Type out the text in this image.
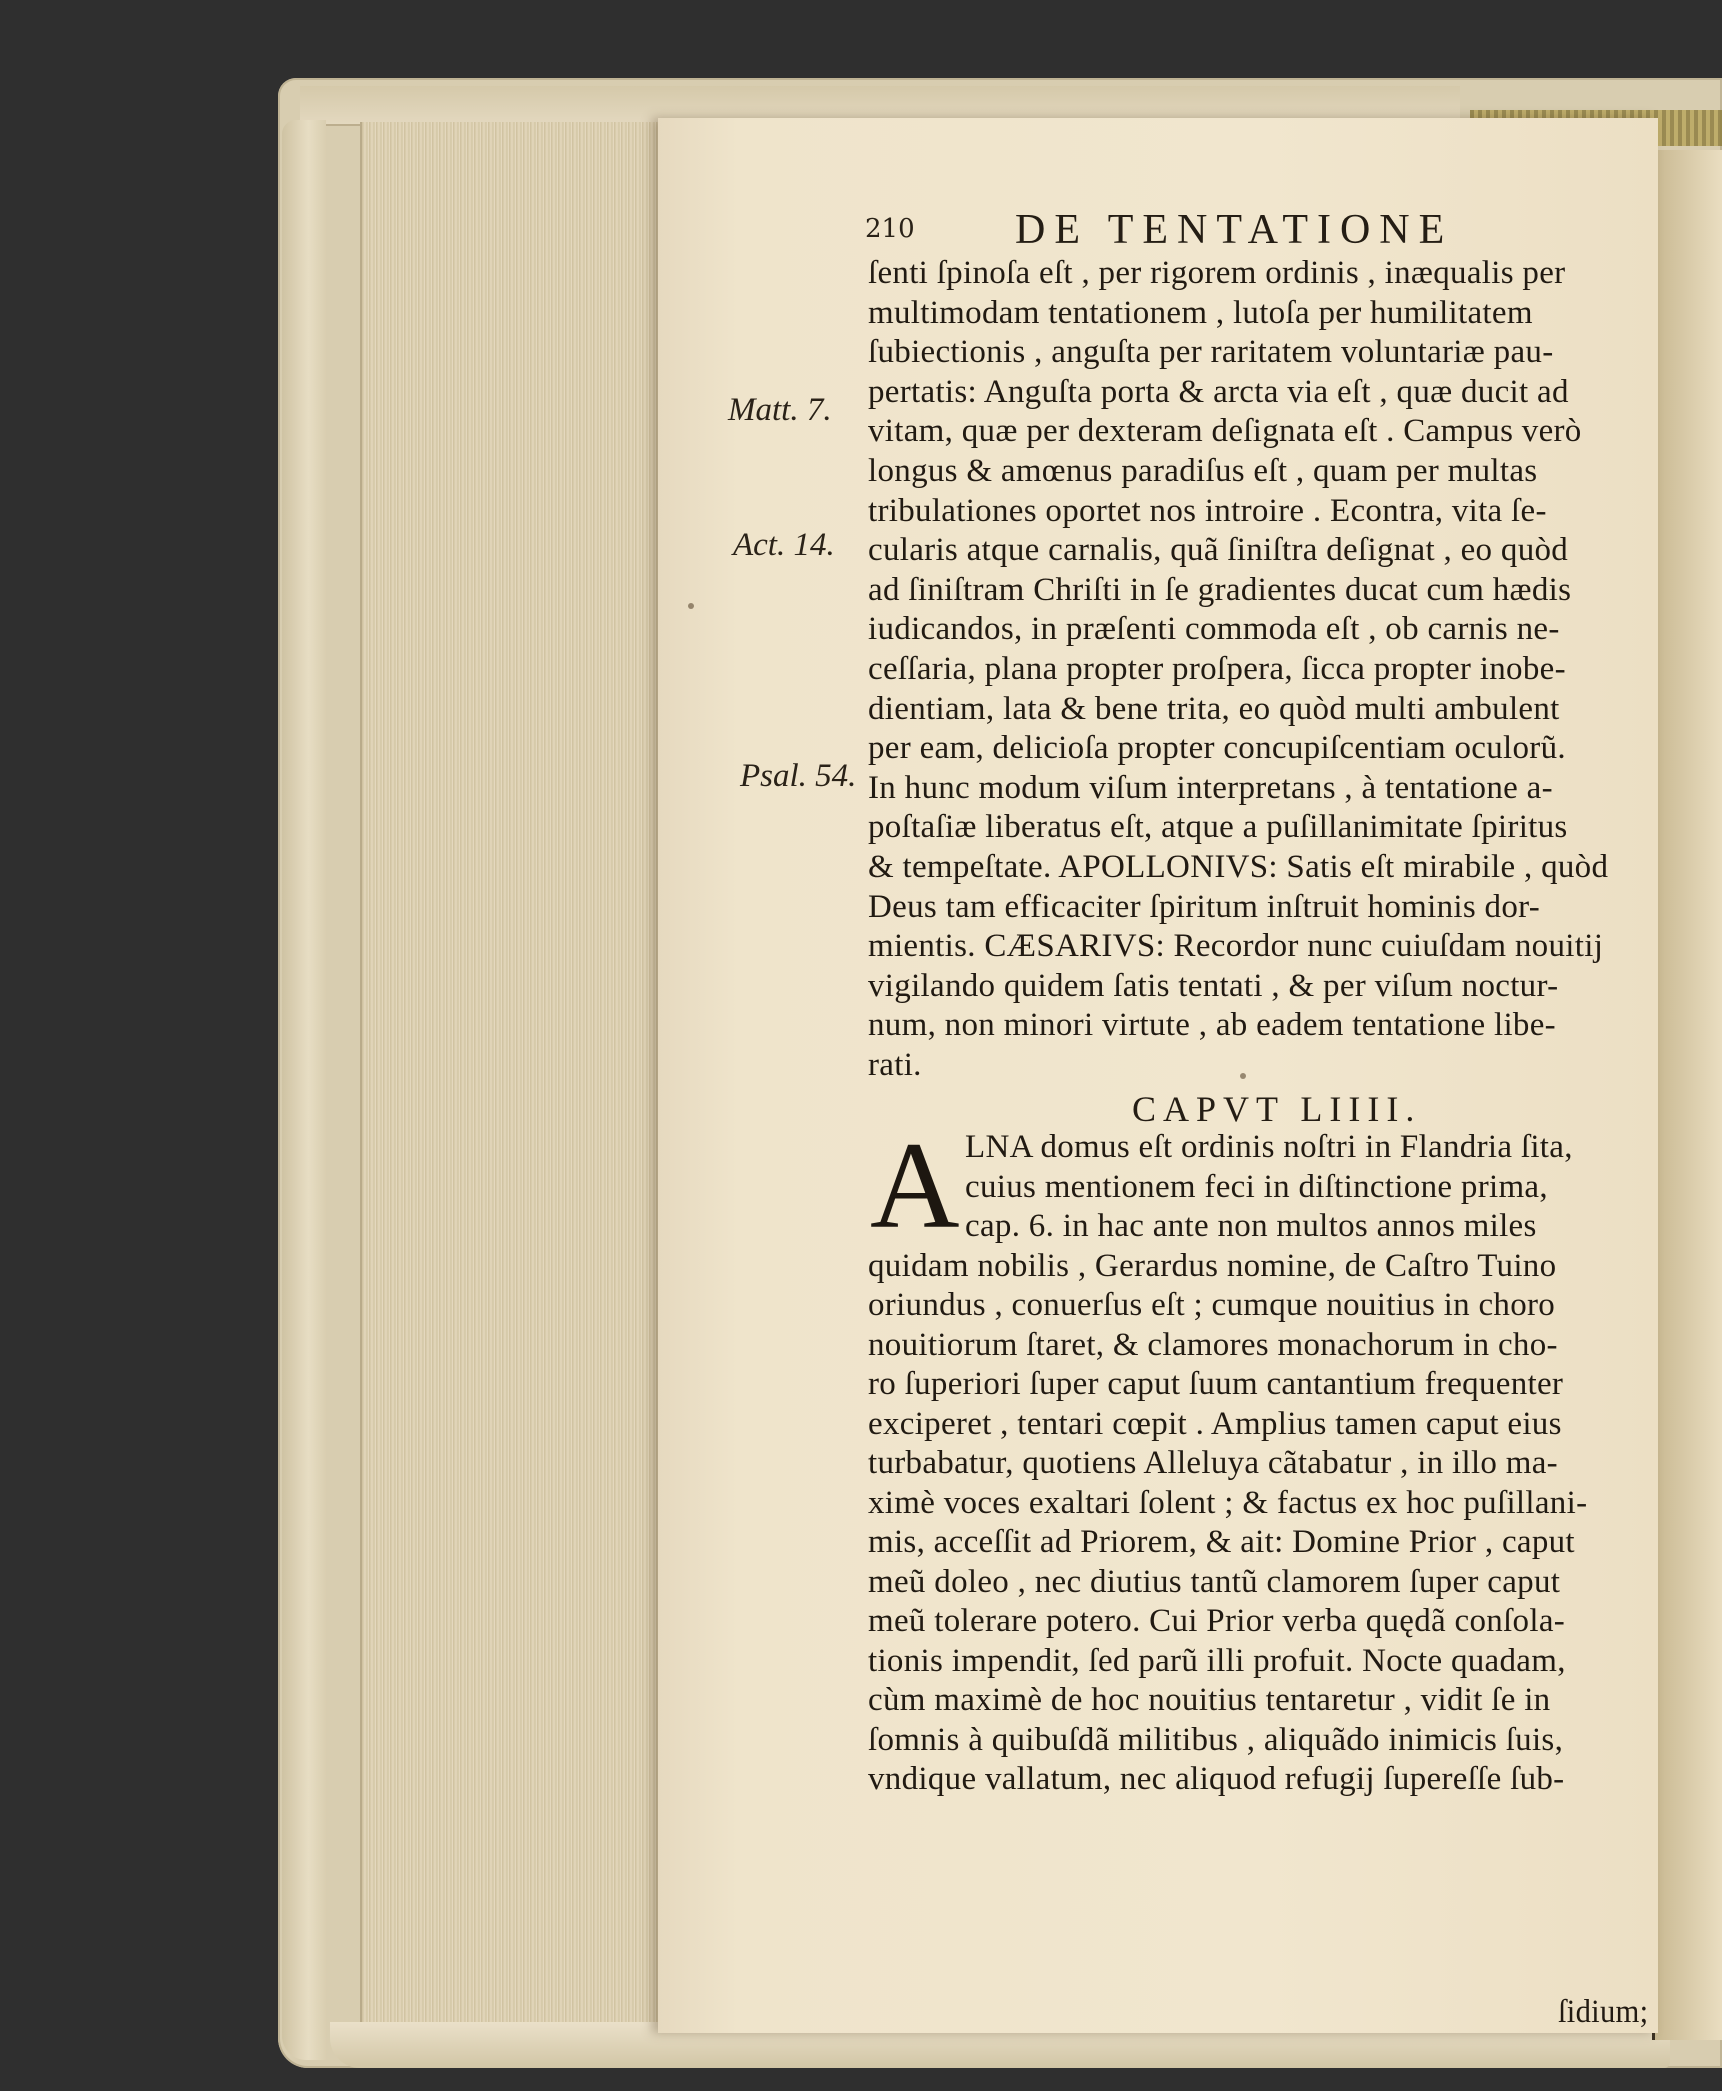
210 DE TENTATIONE
Matt. 7.
Act. 14.
Psal. 54.
ſenti ſpinoſa eſt , per rigorem ordinis , inæqualis per
multimodam tentationem , lutoſa per humilitatem
ſubiectionis , anguſta per raritatem voluntariæ pau-
pertatis: Anguſta porta & arcta via eſt , quæ ducit ad
vitam, quæ per dexteram deſignata eſt . Campus verò
longus & amœnus paradiſus eſt , quam per multas
tribulationes oportet nos introire . Econtra, vita ſe-
cularis atque carnalis, quã ſiniſtra deſignat , eo quòd
ad ſiniſtram Chriſti in ſe gradientes ducat cum hædis
iudicandos, in præſenti commoda eſt , ob carnis ne-
ceſſaria, plana propter proſpera, ſicca propter inobe-
dientiam, lata & bene trita, eo quòd multi ambulent
per eam, delicioſa propter concupiſcentiam oculorũ.
In hunc modum viſum interpretans , à tentatione a-
poſtaſiæ liberatus eſt, atque a puſillanimitate ſpiritus
& tempeſtate. APOLLONIVS: Satis eſt mirabile , quòd
Deus tam efficaciter ſpiritum inſtruit hominis dor-
mientis. CÆSARIVS: Recordor nunc cuiuſdam nouitij
vigilando quidem ſatis tentati , & per viſum noctur-
num, non minori virtute , ab eadem tentatione libe-
rati.
CAPVT LIIII.
A LNA domus eſt ordinis noſtri in Flandria ſita,
cuius mentionem feci in diſtinctione prima,
cap. 6. in hac ante non multos annos miles
quidam nobilis , Gerardus nomine, de Caſtro Tuino
oriundus , conuerſus eſt ; cumque nouitius in choro
nouitiorum ſtaret, & clamores monachorum in cho-
ro ſuperiori ſuper caput ſuum cantantium frequenter
exciperet , tentari cœpit . Amplius tamen caput eius
turbabatur, quotiens Alleluya cãtabatur , in illo ma-
ximè voces exaltari ſolent ; & factus ex hoc puſillani-
mis, acceſſit ad Priorem, & ait: Domine Prior , caput
meũ doleo , nec diutius tantũ clamorem ſuper caput
meũ tolerare potero. Cui Prior verba quędã conſola-
tionis impendit, ſed parũ illi profuit. Nocte quadam,
cùm maximè de hoc nouitius tentaretur , vidit ſe in
ſomnis à quibuſdã militibus , aliquãdo inimicis ſuis,
vndique vallatum, nec aliquod refugij ſupereſſe ſub-
ſidium;
